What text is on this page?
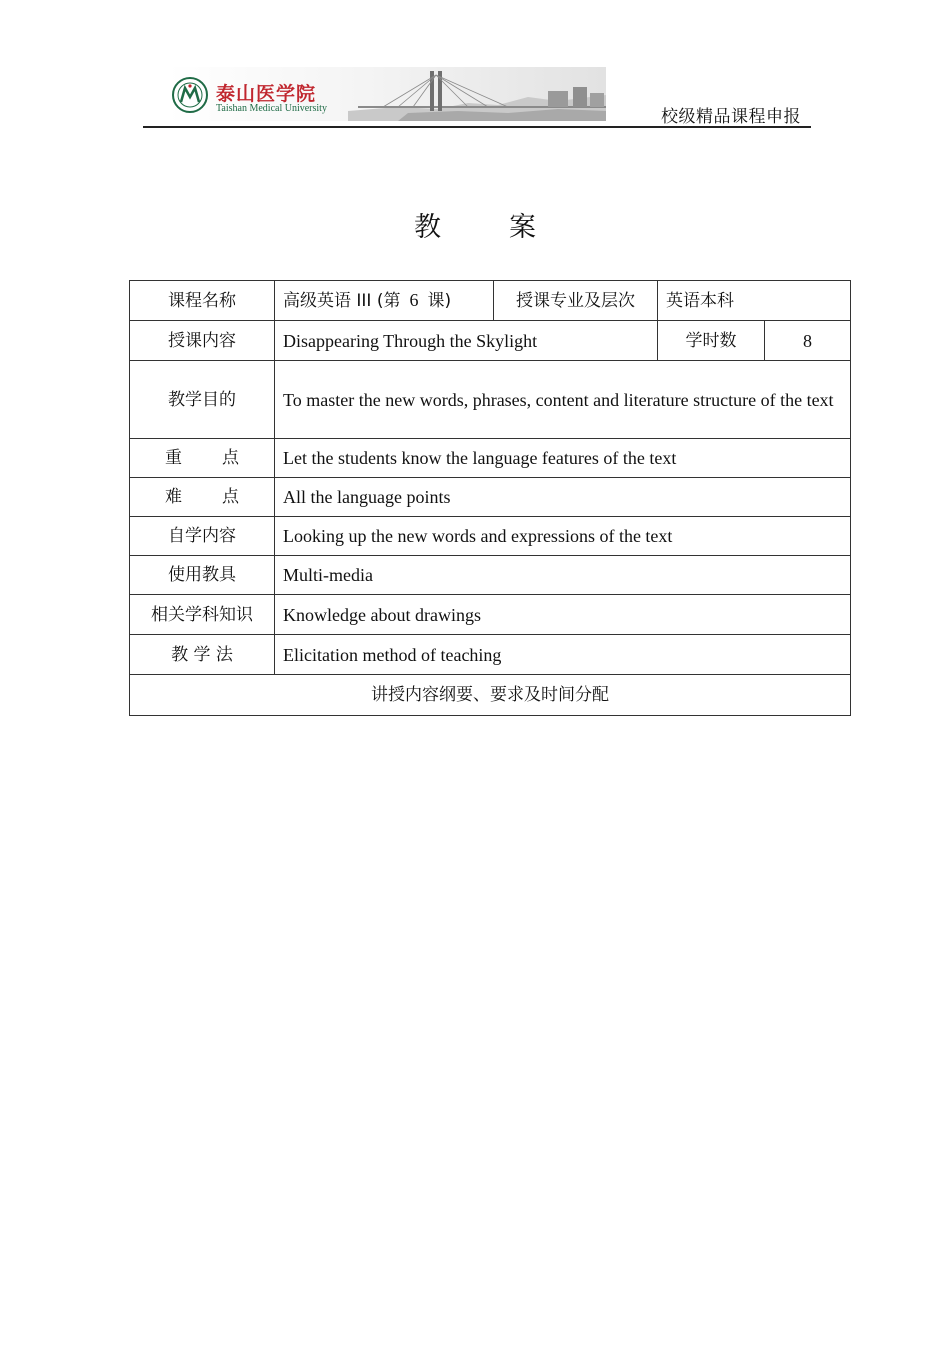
泰山医学院
Taishan Medical University	校级精品课程申报
教 案
课程名称	高级英语 III (第 6 课)	授课专业及层次	英语本科	
授课内容	Disappearing Through the Skylight		学时数	8
教学目的	To master the new words, phrases, content and literature structure of the text			
重 点	Let the students know the language features of the text			
难 点	All the language points			
自学内容	Looking up the new words and expressions of the text			
使用教具	Multi-media			
相关学科知识	Knowledge about drawings			
教 学 法	Elicitation method of teaching			
讲授内容纲要、要求及时间分配				
